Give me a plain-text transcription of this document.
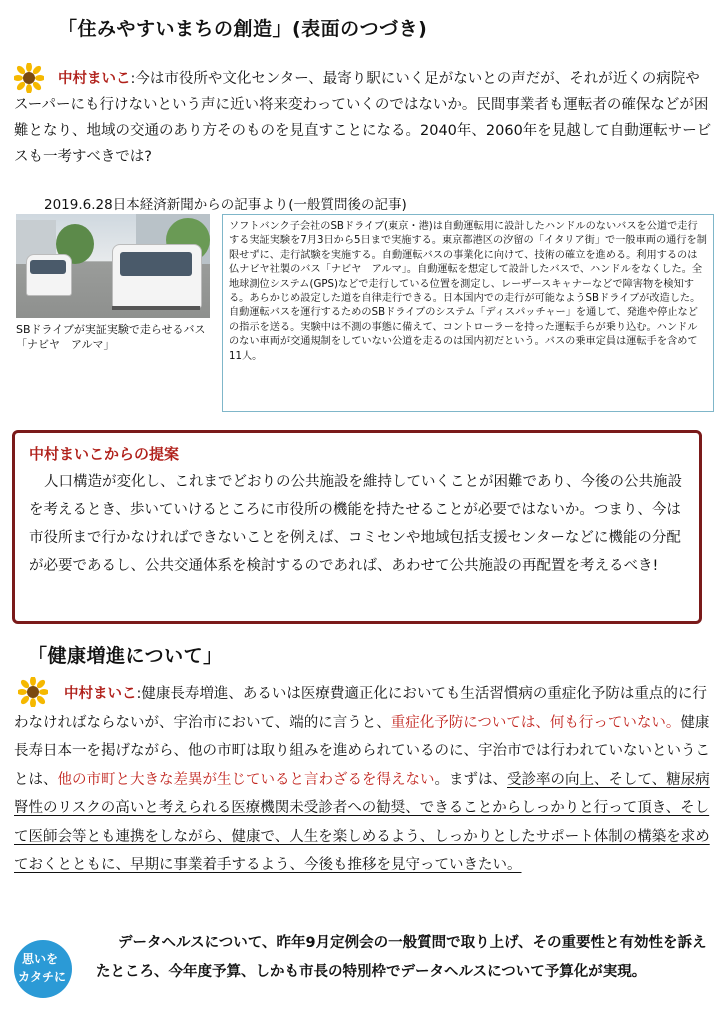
「住みやすいまちの創造」(表面のつづき)
中村まいこ:今は市役所や文化センター、最寄り駅にいく足がないとの声だが、それが近くの病院やスーパーにも行けないという声に近い将来変わっていくのではないか。民間事業者も運転者の確保などが困難となり、地域の交通のあり方そのものを見直すことになる。2040年、2060年を見越して自動運転サービスも一考すべきでは?
2019.6.28日本経済新聞からの記事より(一般質問後の記事)
SBドライブが実証実験で走らせるバス
「ナビヤ　アルマ」

ソフトバンク子会社のSBドライブ(東京・港)は自動運転用に設計したハンドルのないバスを公道で走行する実証実験を7月3日から5日まで実施する。東京都港区の汐留の「イタリア街」で一般車両の通行を制限せずに、走行試験を実施する。自動運転バスの事業化に向けて、技術の確立を進める。利用するのは仏ナビヤ社製のバス「ナビヤ　アルマ」。自動運転を想定して設計したバスで、ハンドルをなくした。全地球測位システム(GPS)などで走行している位置を測定し、レーザースキャナーなどで障害物を検知する。あらかじめ設定した道を自律走行できる。日本国内での走行が可能なようSBドライブが改造した。自動運転バスを運行するためのSBドライブのシステム「ディスパッチャー」を通して、発進や停止などの指示を送る。実験中は不測の事態に備えて、コントローラーを持った運転手らが乗り込む。ハンドルのない車両が交通規制をしていない公道を走るのは国内初だという。バスの乗車定員は運転手を含めて11人。

中村まいこからの提案

人口構造が変化し、これまでどおりの公共施設を維持していくことが困難であり、今後の公共施設を考えるとき、歩いていけるところに市役所の機能を持たせることが必要ではないか。つまり、今は市役所まで行かなければできないことを例えば、コミセンや地域包括支援センターなどに機能の分配が必要であるし、公共交通体系を検討するのであれば、あわせて公共施設の再配置を考えるべき!

「健康増進について」
中村まいこ:健康長寿増進、あるいは医療費適正化においても生活習慣病の重症化予防は重点的に行わなければならないが、宇治市において、端的に言うと、重症化予防については、何も行っていない。健康長寿日本一を掲げながら、他の市町は取り組みを進められているのに、宇治市では行われていないということは、他の市町と大きな差異が生じていると言わざるを得えない。まずは、受診率の向上、そして、糖尿病腎性のリスクの高いと考えられる医療機関未受診者への勧奨、できることからしっかりと行って頂き、そして医師会等とも連携をしながら、健康で、人生を楽しめるよう、しっかりとしたサポート体制の構築を求めておくとともに、早期に事業着手するよう、今後も推移を見守っていきたい。
思いを
カタチに
データヘルスについて、昨年9月定例会の一般質問で取り上げ、その重要性と有効性を訴えたところ、今年度予算、しかも市長の特別枠でデータヘルスについて予算化が実現。
